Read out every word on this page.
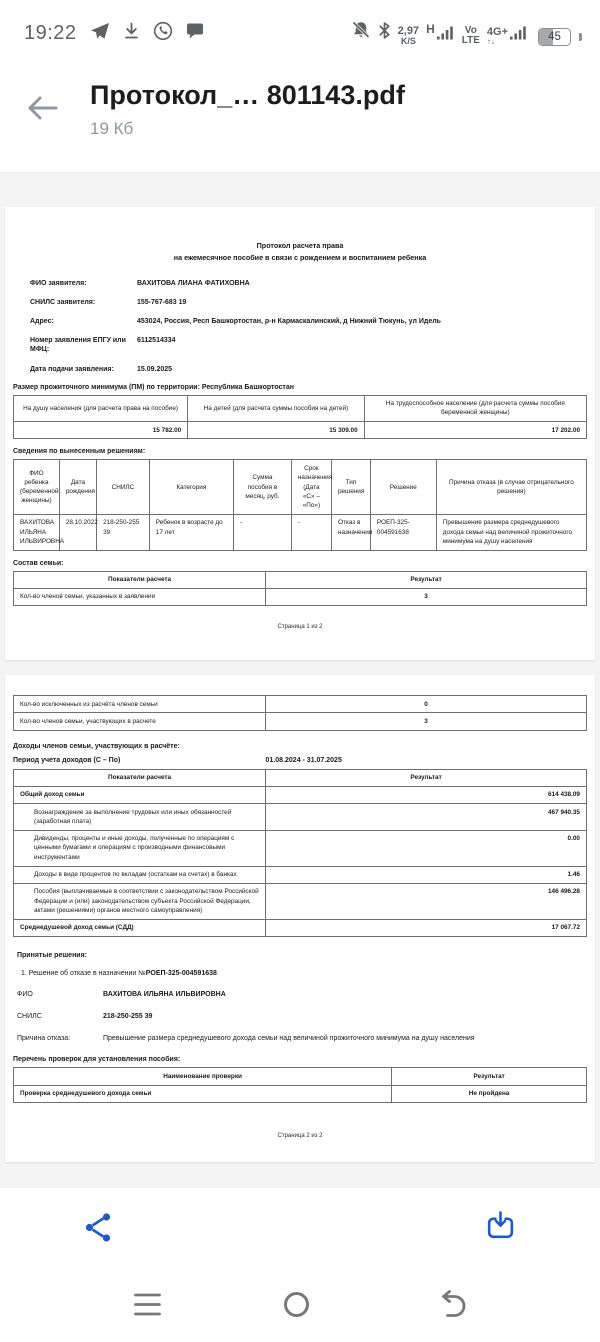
19:22	2,97
K/S
H	Vo
LTE
4G+
↑↓	45
Протокол_… 801143.pdf
19 Кб
Протокол расчета права
на ежемесячное пособие в связи с рождением и воспитанием ребенка
ФИО заявителя:	ВАХИТОВА ЛИАНА ФАТИХОВНА
СНИЛС заявителя:	155-767-683 19
Адрес:	453024, Россия, Респ Башкортостан, р-н Кармаскалинский, д Нижний Тюкунь, ул Идель
Номер заявления ЕПГУ или МФЦ:
6112514334
Дата подачи заявления:	15.09.2025
Размер прожиточного минимума (ПМ) по территории: Республика Башкортостан
На душу населения (для расчета права на пособие)	На детей (для расчета суммы пособия на детей)	На трудоспособное население (для расчета суммы пособия беременной женщины)
15 782.00	15 309.00	17 202.00
Сведения по вынесенным решениям:
ФИО ребенка (беременной женщины)	Дата рождения	СНИЛС	Категория	Сумма пособия в месяц, руб.	Срок назначения (Дата «С» – «По»)	Тип решения	Решение	Причина отказа (в случае отрицательного решения)
ВАХИТОВА ИЛЬЯНА ИЛЬВИРОВНА	28.10.2022	218-250-255 39	Ребенок в возрасте до 17 лет	-	-	Отказ в назначении	РОЕП-325-004591638	Превышение размера среднедушевого дохода семьи над величиной прожиточного минимума на душу населения
Состав семьи:
Показатели расчета	Результат
Кол-во членов семьи, указанных в заявлении	3
Страница 1 из 2
Кол-во исключенных из расчёта членов семьи	0
Кол-во членов семьи, участвующих в расчете	3
Доходы членов семьи, участвующих в расчёте:
Период учета доходов (С – По)	01.08.2024 - 31.07.2025
Показатели расчета	Результат
Общий доход семьи	614 438.09
Вознаграждение за выполнение трудовых или иных обязанностей (заработная плата)	467 940.35
Дивиденды, проценты и иные доходы, полученные по операциям с ценными бумагами и операциям с производными финансовыми инструментами	0.00
Доходы в виде процентов по вкладам (остаткам на счетах) в банках	1.46
Пособия (выплачиваемые в соответствии с законодательством Российской Федерации и (или) законодательством субъекта Российской Федерации, актами (решениями) органов местного самоуправления)	146 496.28
Среднедушевой доход семьи (СДД)	17 067.72
Принятые решения:
1. Решение об отказе в назначении №РОЕП-325-004591638
ФИО	ВАХИТОВА ИЛЬЯНА ИЛЬВИРОВНА
СНИЛС	218-250-255 39
Причина отказа:	Превышение размера среднедушевого дохода семьи над величиной прожиточного минимума на душу населения
Перечень проверок для установления пособия:
Наименование проверки	Результат
Проверка среднедушевого дохода семьи	Не пройдена
Страница 2 из 2
